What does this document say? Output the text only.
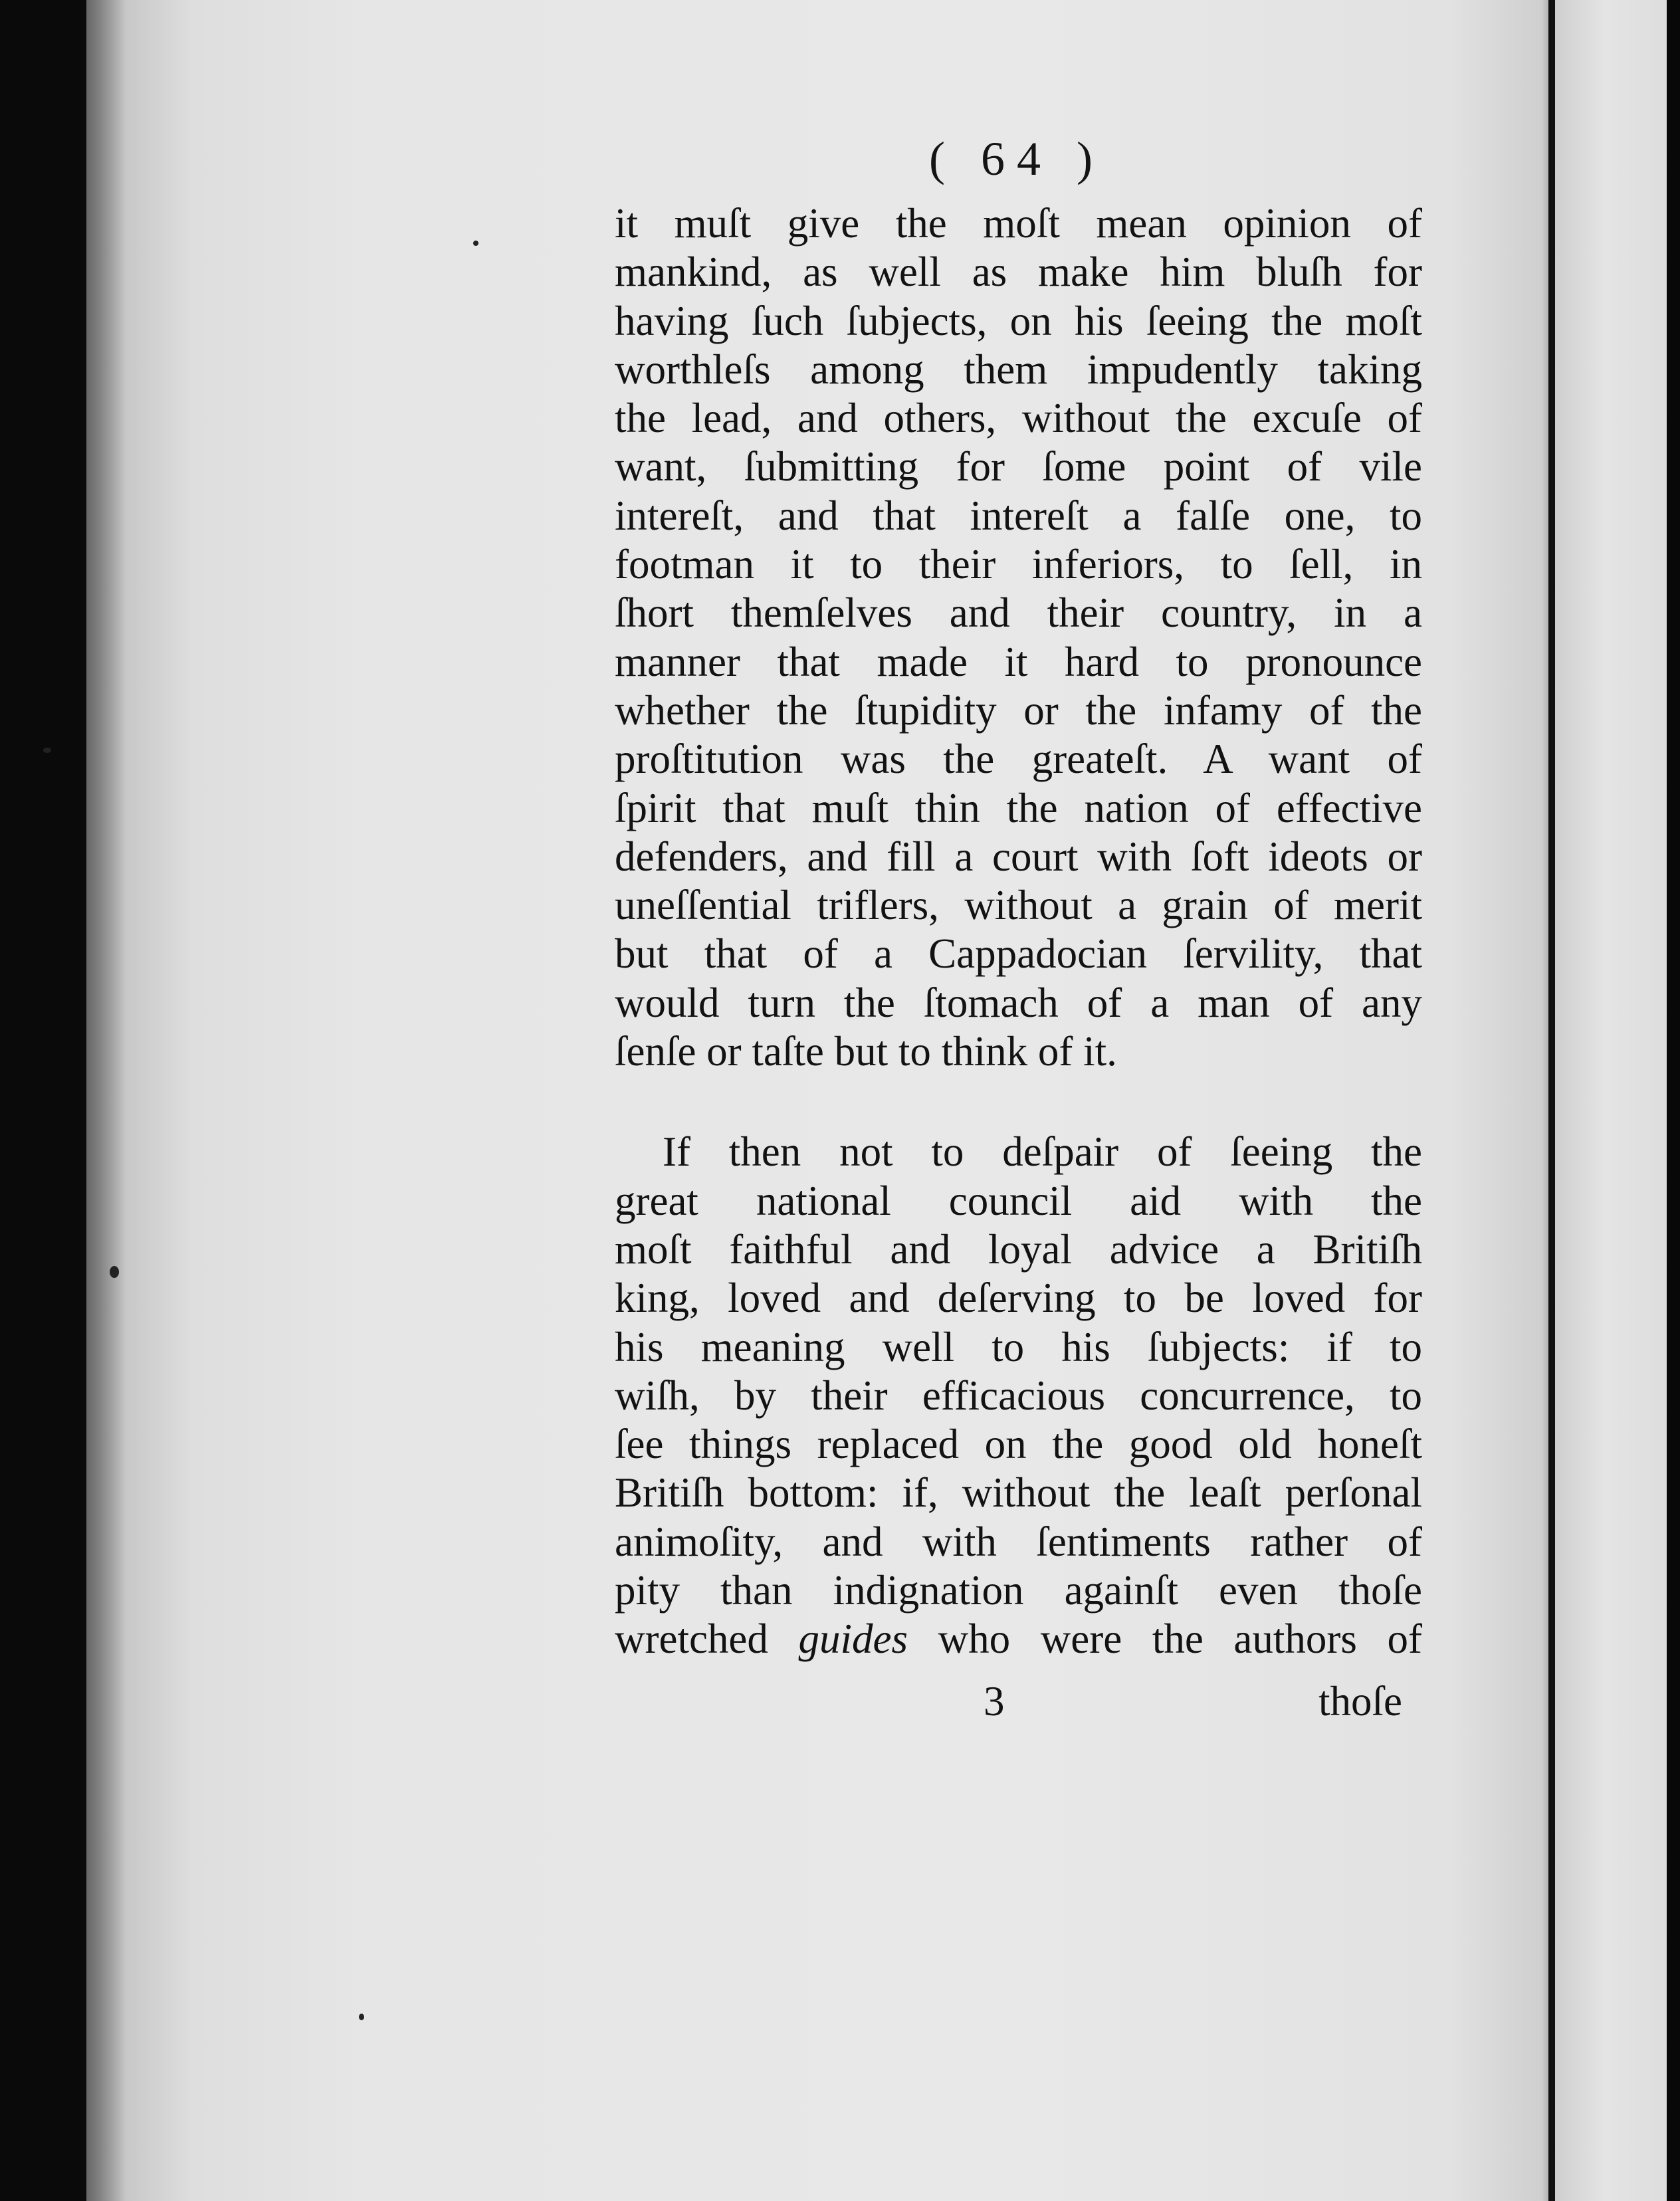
( 64 )
it muſt give the moſt mean opinion of
mankind, as well as make him bluſh for
having ſuch ſubjects, on his ſeeing the moſt
worthleſs among them impudently taking
the lead, and others, without the excuſe of
want, ſubmitting for ſome point of vile
intereſt, and that intereſt a falſe one, to
footman it to their inferiors, to ſell, in
ſhort themſelves and their country, in a
manner that made it hard to pronounce
whether the ſtupidity or the infamy of the
proſtitution was the greateſt. A want of
ſpirit that muſt thin the nation of effective
defenders, and fill a court with ſoft ideots or
uneſſential triflers, without a grain of merit
but that of a Cappadocian ſervility, that
would turn the ſtomach of a man of any
ſenſe or taſte but to think of it.
If then not to deſpair of ſeeing the
great national council aid with the
moſt faithful and loyal advice a Britiſh
king, loved and deſerving to be loved for
his meaning well to his ſubjects: if to
wiſh, by their efficacious concurrence, to
ſee things replaced on the good old honeſt
Britiſh bottom: if, without the leaſt perſonal
animoſity, and with ſentiments rather of
pity than indignation againſt even thoſe
wretched guides who were the authors of
3	thoſe
